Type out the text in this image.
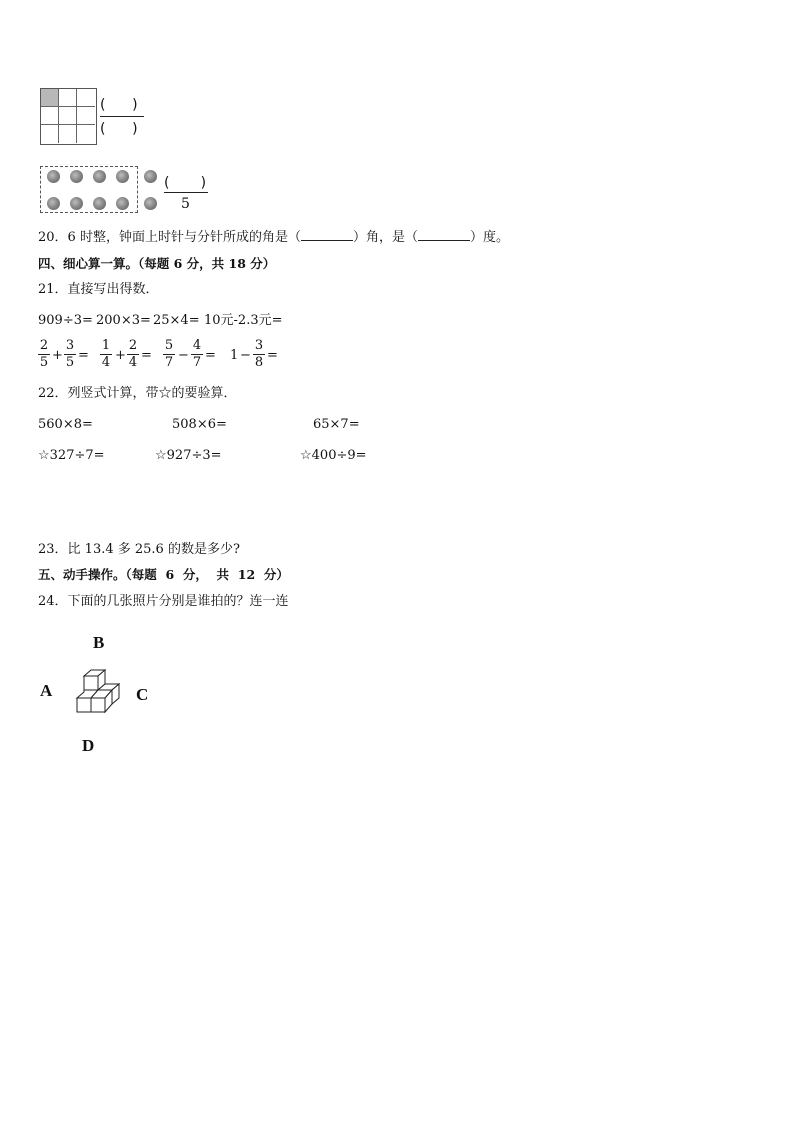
( )
( )
( )
5
20．6 时整，钟面上时针与分针所成的角是（	）角，是（	）度。
四、细心算一算。（每题 6 分，共 18 分）
21．直接写出得数．
909÷3= 200×3= 25×4= 10元-2.3元=
2
5 +
3
5 =
1
4 +
2
4 =
5
7 −
4
7 = 1 −
3
8 =
22．列竖式计算，带☆的要验算．
560×8=	508×6=	65×7=
☆327÷7=	☆927÷3=	☆400÷9=
23．比 13.4 多 25.6 的数是多少?
五、动手操作。（每题  6  分，  共  12  分）
24．下面的几张照片分别是谁拍的？连一连
B
A	C
D
